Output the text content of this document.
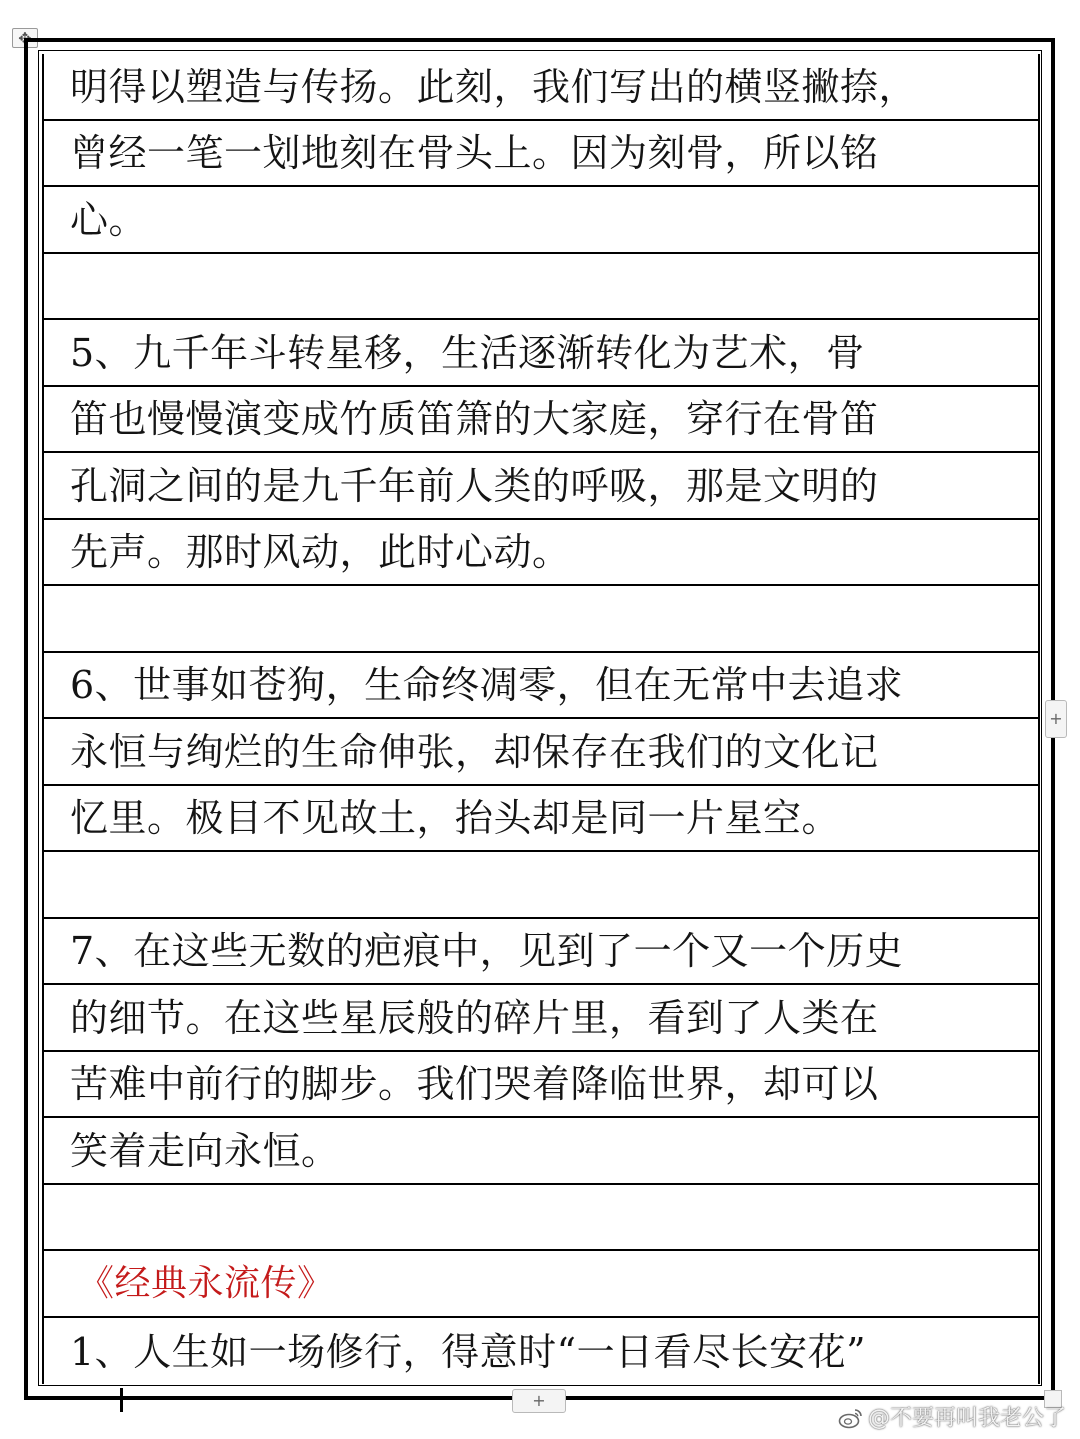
✥
明得以塑造与传扬。此刻，我们写出的横竖撇捺，
曾经一笔一划地刻在骨头上。因为刻骨，所以铭
心。
5、九千年斗转星移，生活逐渐转化为艺术，骨
笛也慢慢演变成竹质笛箫的大家庭，穿行在骨笛
孔洞之间的是九千年前人类的呼吸，那是文明的
先声。那时风动，此时心动。
6、世事如苍狗，生命终凋零，但在无常中去追求
永恒与绚烂的生命伸张，却保存在我们的文化记
忆里。极目不见故土，抬头却是同一片星空。
7、在这些无数的疤痕中，见到了一个又一个历史
的细节。在这些星辰般的碎片里，看到了人类在
苦难中前行的脚步。我们哭着降临世界，却可以
笑着走向永恒。
《经典永流传》
1、人生如一场修行，得意时“一日看尽长安花”
+
+
@不要再叫我老公了
